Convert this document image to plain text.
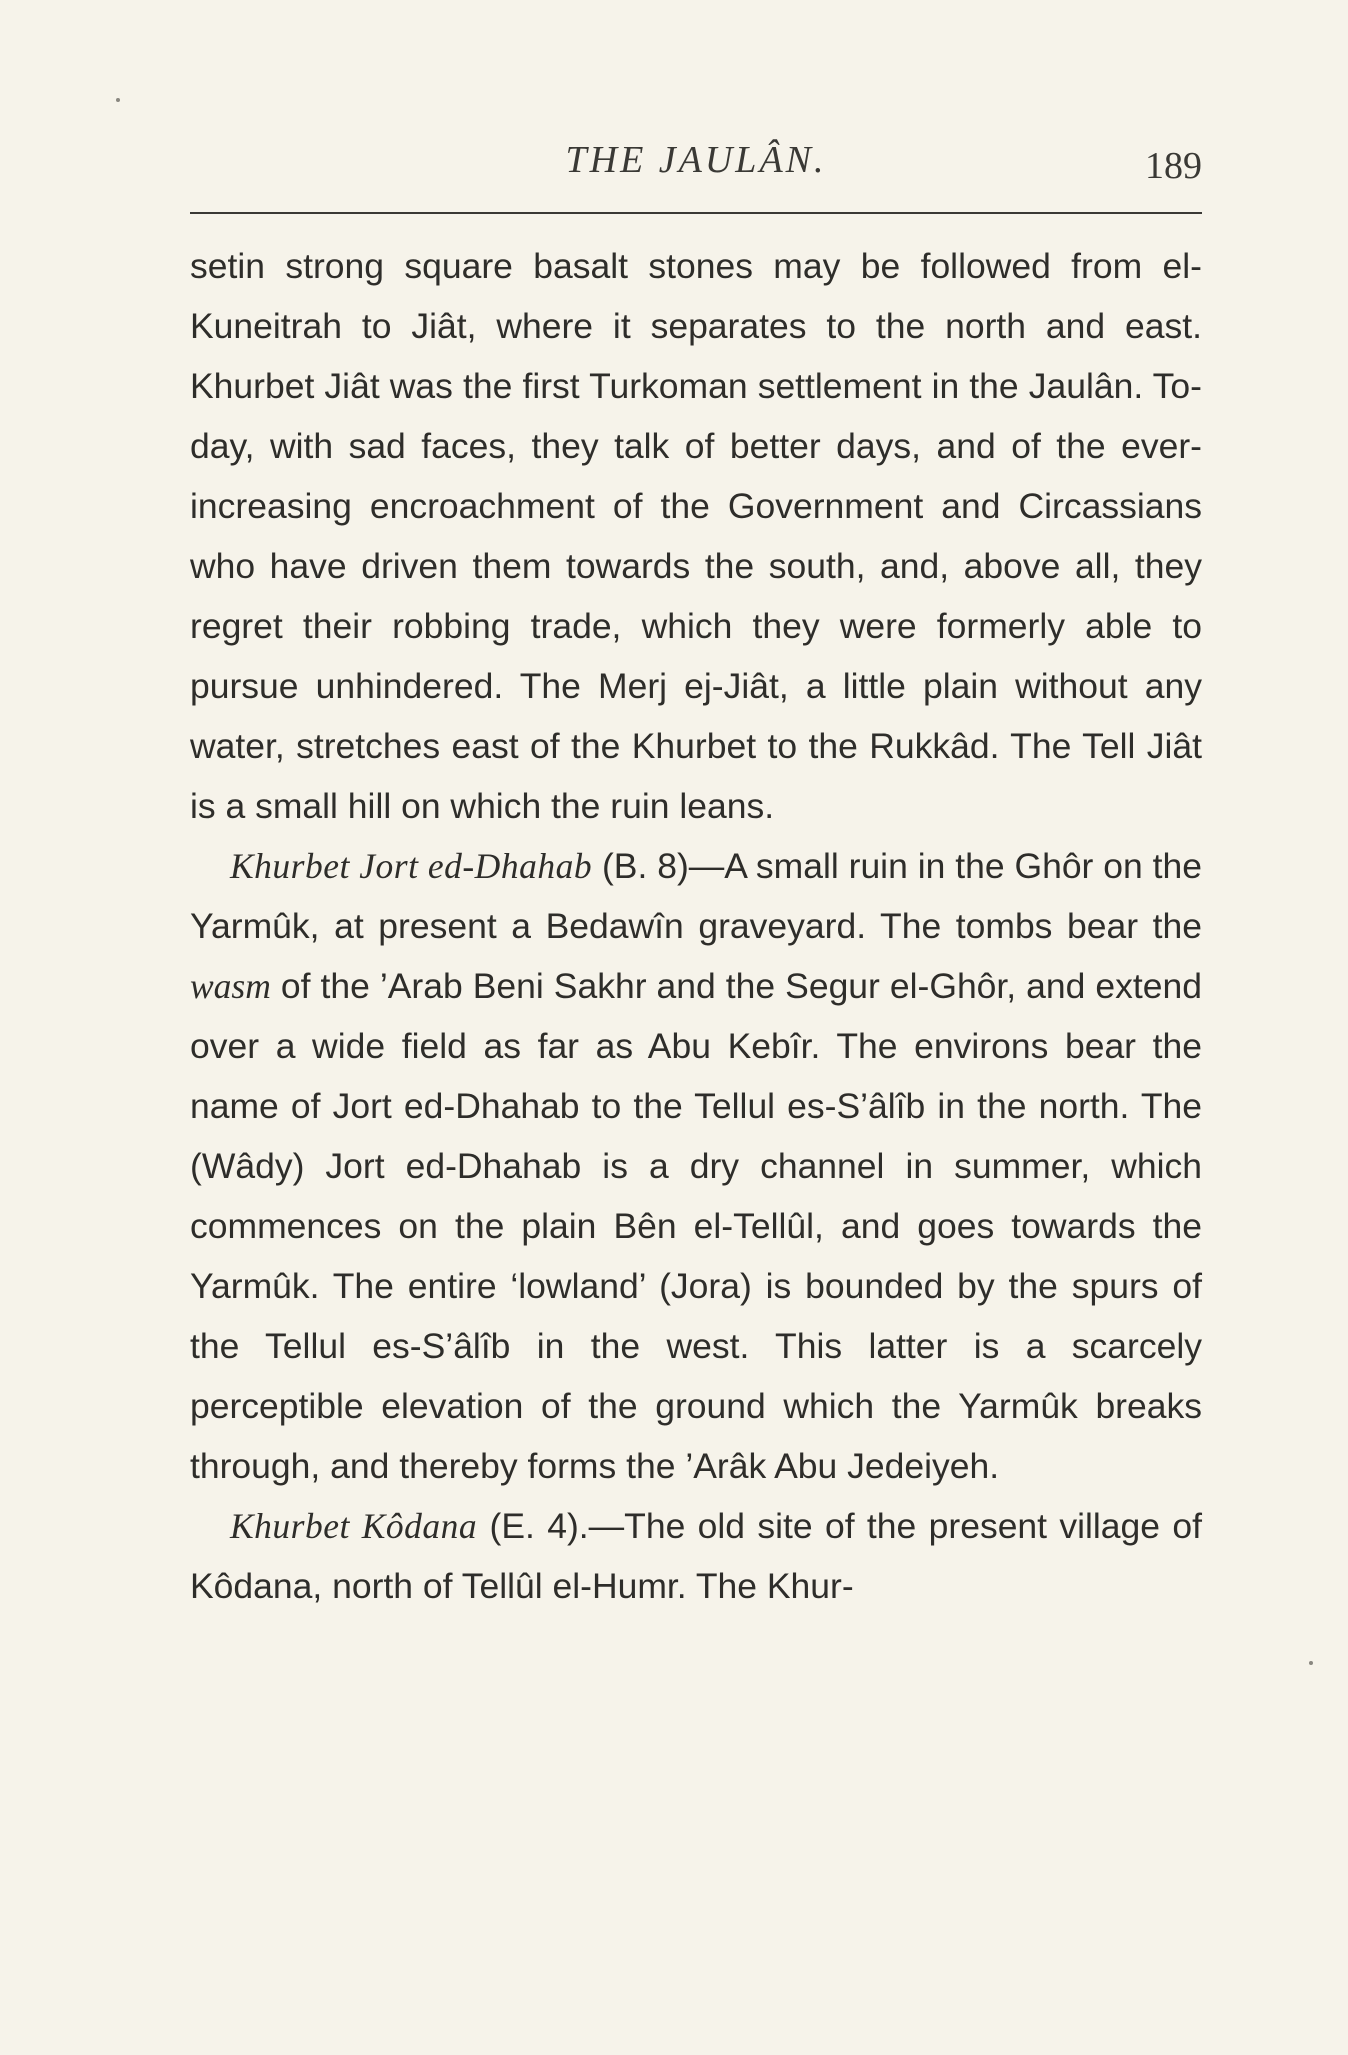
THE JAULÂN.	189

setin strong square basalt stones may be followed from el-Kuneitrah to Jiât, where it separates to the north and east. Khurbet Jiât was the first Turkoman settlement in the Jaulân. To-day, with sad faces, they talk of better days, and of the ever-increasing encroachment of the Government and Circassians who have driven them towards the south, and, above all, they regret their robbing trade, which they were formerly able to pursue unhindered. The Merj ej-Jiât, a little plain without any water, stretches east of the Khurbet to the Rukkâd. The Tell Jiât is a small hill on which the ruin leans.

Khurbet Jort ed-Dhahab (B. 8)—A small ruin in the Ghôr on the Yarmûk, at present a Bedawîn graveyard. The tombs bear the wasm of the ’Arab Beni Sakhr and the Segur el-Ghôr, and extend over a wide field as far as Abu Kebîr. The environs bear the name of Jort ed-Dhahab to the Tellul es-S’âlîb in the north. The (Wâdy) Jort ed-Dhahab is a dry channel in summer, which commences on the plain Bên el-Tellûl, and goes towards the Yarmûk. The entire ‘lowland’ (Jora) is bounded by the spurs of the Tellul es-S’âlîb in the west. This latter is a scarcely perceptible elevation of the ground which the Yarmûk breaks through, and thereby forms the ’Arâk Abu Jedeiyeh.

Khurbet Kôdana (E. 4).—The old site of the present village of Kôdana, north of Tellûl el-Humr. The Khur-
